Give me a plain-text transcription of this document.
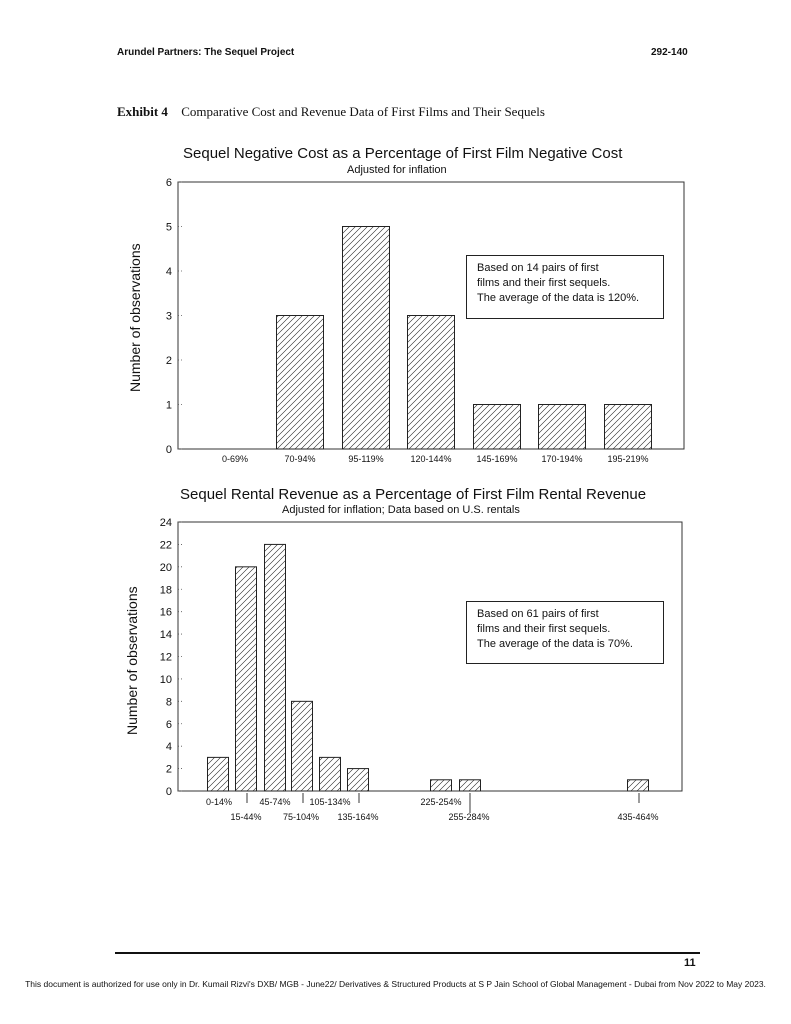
Arundel Partners: The Sequel Project	292-140
Exhibit 4 Comparative Cost and Revenue Data of First Films and Their Sequels
Sequel Negative Cost as a Percentage of First Film Negative Cost
Adjusted for inflation
Number of observations
Sequel Rental Revenue as a Percentage of First Film Rental Revenue
Adjusted for inflation; Data based on U.S. rentals
Number of observations
0
1
2
3
4
5
6
0-69%	70-94%	95-119%	120-144%	145-169%	170-194%	195-219%
0
2
4
6
8
10
12
14
16
18
20
22
24
0-14%
15-44%
45-74%
75-104%
105-134%
135-164%
225-254%
255-284%	435-464%
Based on 14 pairs of first
films and their first sequels.
The average of the data is 120%.
Based on 61 pairs of first
films and their first sequels.
The average of the data is 70%.
11
This document is authorized for use only in Dr. Kumail Rizvi's DXB/ MGB - June22/ Derivatives & Structured Products at S P Jain School of Global Management - Dubai from Nov 2022 to May 2023.
